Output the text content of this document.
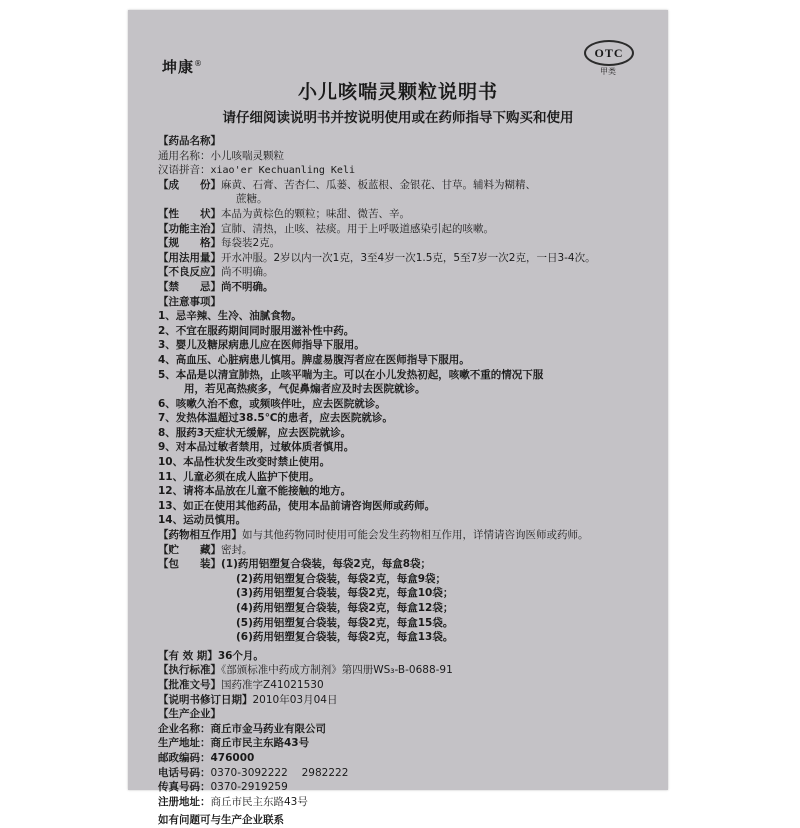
坤康®
OTC
甲类
小儿咳喘灵颗粒说明书
请仔细阅读说明书并按说明使用或在药师指导下购买和使用
【药品名称】
通用名称：小儿咳喘灵颗粒
汉语拼音：xiao'er Kechuanling Keli
【成　　份】麻黄、石膏、苦杏仁、瓜蒌、板蓝根、金银花、甘草。辅料为糊精、
蔗糖。
【性　　状】本品为黄棕色的颗粒；味甜、微苦、辛。
【功能主治】宣肺、清热，止咳、祛痰。用于上呼吸道感染引起的咳嗽。
【规　　格】每袋装2克。
【用法用量】开水冲服。2岁以内一次1克，3至4岁一次1.5克，5至7岁一次2克，一日3-4次。
【不良反应】尚不明确。
【禁　　忌】尚不明确。
【注意事项】
1、忌辛辣、生冷、油腻食物。
2、不宜在服药期间同时服用滋补性中药。
3、婴儿及糖尿病患儿应在医师指导下服用。
4、高血压、心脏病患儿慎用。脾虚易腹泻者应在医师指导下服用。
5、本品是以清宣肺热，止咳平喘为主。可以在小儿发热初起，咳嗽不重的情况下服
用，若见高热痰多，气促鼻煽者应及时去医院就诊。
6、咳嗽久治不愈，或频咳伴吐，应去医院就诊。
7、发热体温超过38.5℃的患者，应去医院就诊。
8、服药3天症状无缓解，应去医院就诊。
9、对本品过敏者禁用，过敏体质者慎用。
10、本品性状发生改变时禁止使用。
11、儿童必须在成人监护下使用。
12、请将本品放在儿童不能接触的地方。
13、如正在使用其他药品，使用本品前请咨询医师或药师。
14、运动员慎用。
【药物相互作用】如与其他药物同时使用可能会发生药物相互作用，详情请咨询医师或药师。
【贮　　藏】密封。
【包　　装】(1)药用铝塑复合袋装，每袋2克，每盒8袋；
(2)药用铝塑复合袋装，每袋2克，每盒9袋；
(3)药用铝塑复合袋装，每袋2克，每盒10袋；
(4)药用铝塑复合袋装，每袋2克，每盒12袋；
(5)药用铝塑复合袋装，每袋2克，每盒15袋。
(6)药用铝塑复合袋装，每袋2克，每盒13袋。
【有 效 期】36个月。
【执行标准】《部颁标准中药成方制剂》第四册WS₃-B-0688-91
【批准文号】国药准字Z41021530
【说明书修订日期】2010年03月04日
【生产企业】
企业名称：商丘市金马药业有限公司
生产地址：商丘市民主东路43号
邮政编码：476000
电话号码：0370-3092222　 2982222
传真号码：0370-2919259
注册地址：商丘市民主东路43号
如有问题可与生产企业联系
